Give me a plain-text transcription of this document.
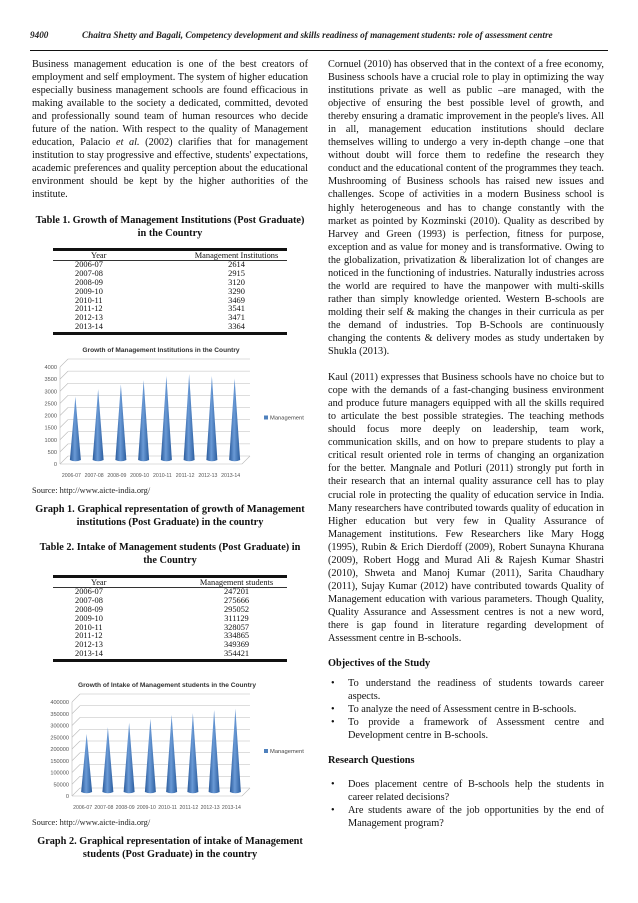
9400	Chaitra Shetty and Bagali, Competency development and skills readiness of management students: role of assessment centre

Business management education is one of the best creators of employment and self employment. The system of higher education especially business management schools are found efficacious in making available to the society a dedicated, committed, devoted and professionally sound team of human resources who decide future of the nation. With respect to the quality of Management education, Palacio et al. (2002) clarifies that for management institution to stay progressive and effective, students' expectations, academic preferences and quality perception about the educational environment should be kept by the higher authorities of the institute.

Table 1. Growth of Management Institutions (Post Graduate) in the Country

Year	Management Institutions
2006-07	2614
2007-08	2915
2008-09	3120
2009-10	3290
2010-11	3469
2011-12	3541
2012-13	3471
2013-14	3364
Growth of Management Institutions in the Country
4000
3500
3000
2500
2000
1500
1000
500
0
2006-07 2007-08 2008-09 2009-10 2010-11 2011-12 2012-13 2013-14
Management

Source: http://www.aicte-india.org/

Graph 1. Graphical representation of growth of Management institutions (Post Graduate) in the country

Table 2. Intake of Management students (Post Graduate) in the Country

Year	Management students
2006-07	247201
2007-08	275666
2008-09	295052
2009-10	311129
2010-11	328057
2011-12	334865
2012-13	349369
2013-14	354421
Growth of Intake of Management students in the Country
400000
350000
300000
250000
200000
150000
100000
50000
0
2006-07 2007-08 2008-09 2009-10 2010-11 2011-12 2012-13 2013-14
Management

Source: http://www.aicte-india.org/

Graph 2. Graphical representation of intake of Management students (Post Graduate) in the country

Cornuel (2010) has observed that in the context of a free economy, Business schools have a crucial role to play in optimizing the way institutions private as well as public –are managed, with the objective of ensuring the best possible level of growth, and thereby ensuring a dramatic improvement in the people's lives. All in all, management education institutions should declare themselves willing to undergo a very in-depth change –one that without doubt will force them to redefine the research they conduct and the educational content of the programmes they teach. Mushrooming of Business schools has raised new issues and challenges. Scope of activities in a modern Business school is highly heterogeneous and has to change constantly with the market as pointed by Kozminski (2010). Quality as described by Harvey and Green (1993) is perfection, fitness for purpose, exception and as value for money and is transformative. Owing to the globalization, privatization & liberalization lot of changes are noticed in the functioning of industries. Naturally industries across the world are required to have the manpower with multi-skills rather than simply knowledge oriented. Western B-schools are molding their self & making the changes in their curricula as per the demand of industries. Top B-Schools are continuously changing the contents & delivery modes as study undertaken by Shukla (2013).

Kaul (2011) expresses that Business schools have no choice but to cope with the demands of a fast-changing business environment and produce future managers equipped with all the skills required to articulate the best possible strategies. The teaching methods should focus more deeply on leadership, team work, communication skills, and on how to prepare students to play a critical result oriented role in terms of changing an organization for the better. Mangnale and Potluri (2011) strongly put forth in their research that an internal quality assurance cell has to play crucial role in protecting the quality of education service in India. Many researchers have contributed towards quality of education in Higher education but very few in Quality Assurance of Management institutions. Few Researchers like Mary Hogg (1995), Rubin & Erich Dierdoff (2009), Robert Sunayna Khurana (2009), Robert Hogg and Murad Ali & Rajesh Kumar Shastri (2010), Shweta and Manoj Kumar (2011), Sarita Chaudhary (2011), Sujay Kumar (2012) have contributed towards Quality of Management education with various parameters. Though Quality, Quality Assurance and Assessment centres is not a new word, there is gap found in literature regarding development of Assessment centre in B-schools.

Objectives of the Study
• To understand the readiness of students towards career aspects.
• To analyze the need of Assessment centre in B-schools.
• To provide a framework of Assessment centre and Development centre in B-schools.
Research Questions
• Does placement centre of B-schools help the students in career related decisions?
• Are students aware of the job opportunities by the end of Management program?
